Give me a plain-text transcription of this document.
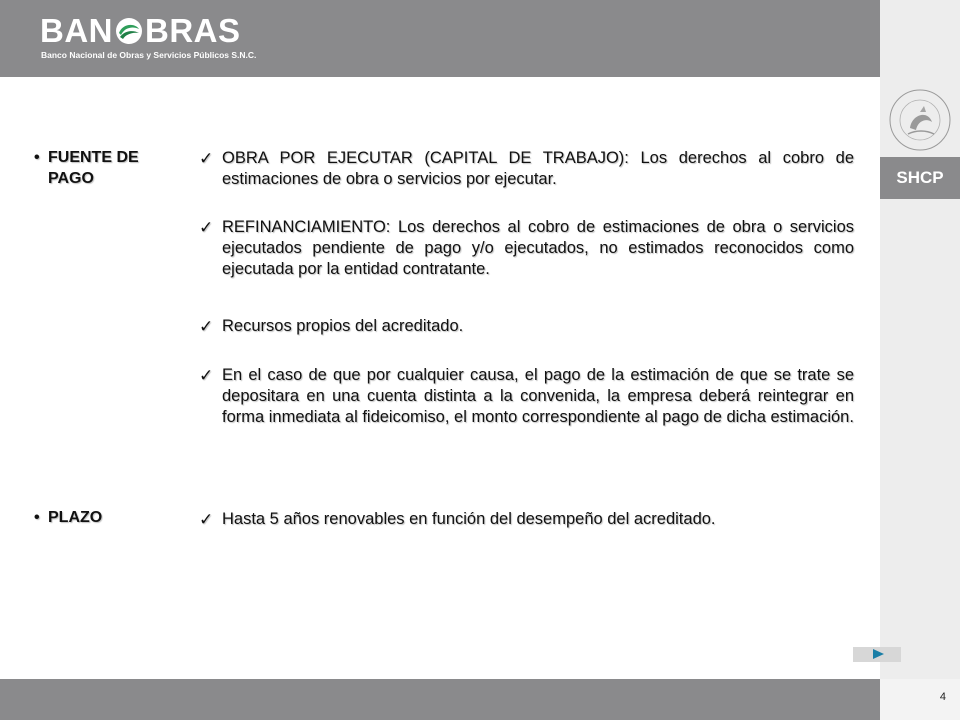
BAN BRAS
Banco Nacional de Obras y Servicios Públicos S.N.C.
SHCP
• FUENTE DE PAGO
✓ OBRA POR EJECUTAR (CAPITAL DE TRABAJO): Los derechos al cobro de estimaciones de obra o servicios por ejecutar.
✓ REFINANCIAMIENTO: Los derechos al cobro de estimaciones de obra o servicios ejecutados pendiente de pago y/o ejecutados, no estimados reconocidos como ejecutada por la entidad contratante.
✓ Recursos propios del acreditado.
✓ En el caso de que por cualquier causa, el pago de la estimación de que se trate se depositara en una cuenta distinta a la convenida, la empresa deberá reintegrar en forma inmediata al fideicomiso, el monto correspondiente al pago de dicha estimación.
• PLAZO	✓ Hasta 5 años renovables en función del desempeño del acreditado.
4
